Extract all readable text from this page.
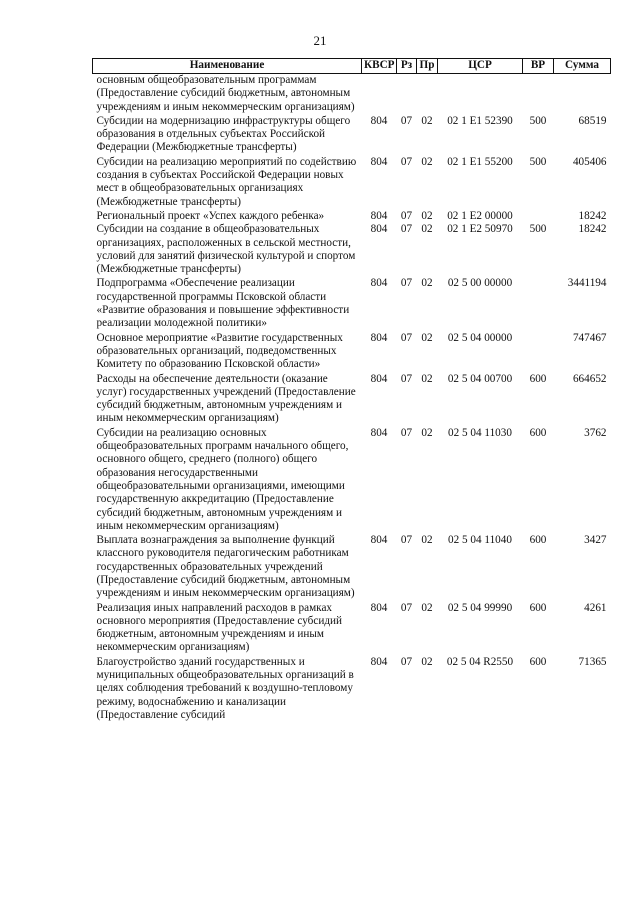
21
Наименование	КВСР	Рз	Пр	ЦСР	ВР	Сумма
основным общеобразовательным программам (Предоставление субсидий бюджетным, автономным учреждениям и иным некоммерческим организациям)						
Субсидии на модернизацию инфраструктуры общего образования в отдельных субъектах Российской Федерации (Межбюджетные трансферты)	804	07	02	02 1 E1 52390	500	68519
Субсидии на реализацию мероприятий по содействию создания в субъектах Российской Федерации новых мест в общеобразовательных организациях (Межбюджетные трансферты)	804	07	02	02 1 E1 55200	500	405406
Региональный проект «Успех каждого ребенка»	804	07	02	02 1 E2 00000		18242
Субсидии на создание в общеобразовательных организациях, расположенных в сельской местности, условий для занятий физической культурой и спортом (Межбюджетные трансферты)	804	07	02	02 1 E2 50970	500	18242
Подпрограмма «Обеспечение реализации государственной программы Псковской области «Развитие образования и повышение эффективности реализации молодежной политики»	804	07	02	02 5 00 00000		3441194
Основное мероприятие «Развитие государственных образовательных организаций, подведомственных Комитету по образованию Псковской области»	804	07	02	02 5 04 00000		747467
Расходы на обеспечение деятельности (оказание услуг) государственных учреждений (Предоставление субсидий бюджетным, автономным учреждениям и иным некоммерческим организациям)	804	07	02	02 5 04 00700	600	664652
Субсидии на реализацию основных общеобразовательных программ начального общего, основного общего, среднего (полного) общего образования негосударственными общеобразовательными организациями, имеющими государственную аккредитацию (Предоставление субсидий бюджетным, автономным учреждениям и иным некоммерческим организациям)	804	07	02	02 5 04 11030	600	3762
Выплата вознаграждения за выполнение функций классного руководителя педагогическим работникам государственных образовательных учреждений (Предоставление субсидий бюджетным, автономным учреждениям и иным некоммерческим организациям)	804	07	02	02 5 04 11040	600	3427
Реализация иных направлений расходов в рамках основного мероприятия (Предоставление субсидий бюджетным, автономным учреждениям и иным некоммерческим организациям)	804	07	02	02 5 04 99990	600	4261
Благоустройство зданий государственных и муниципальных общеобразовательных организаций в целях соблюдения требований к воздушно-тепловому режиму, водоснабжению и канализации (Предоставление субсидий	804	07	02	02 5 04 R2550	600	71365
